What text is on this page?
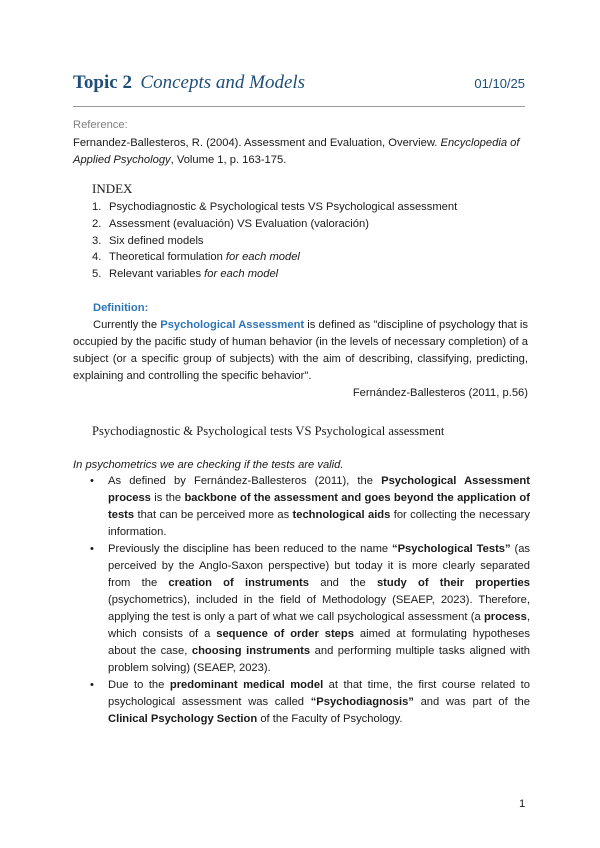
Topic 2 Concepts and Models	01/10/25
Reference:
Fernandez-Ballesteros, R. (2004). Assessment and Evaluation, Overview. Encyclopedia of Applied Psychology, Volume 1, p. 163-175.
INDEX
1. Psychodiagnostic & Psychological tests VS Psychological assessment
2. Assessment (evaluación) VS Evaluation (valoración)
3. Six defined models
4. Theoretical formulation for each model
5. Relevant variables for each model
Definition:
Currently the Psychological Assessment is defined as "discipline of psychology that is occupied by the pacific study of human behavior (in the levels of necessary completion) of a subject (or a specific group of subjects) with the aim of describing, classifying, predicting, explaining and controlling the specific behavior".
Fernández-Ballesteros (2011, p.56)
Psychodiagnostic & Psychological tests VS Psychological assessment
In psychometrics we are checking if the tests are valid.
• As defined by Fernández-Ballesteros (2011), the Psychological Assessment process is the backbone of the assessment and goes beyond the application of tests that can be perceived more as technological aids for collecting the necessary information.
• Previously the discipline has been reduced to the name “Psychological Tests” (as perceived by the Anglo-Saxon perspective) but today it is more clearly separated from the creation of instruments and the study of their properties (psychometrics), included in the field of Methodology (SEAEP, 2023). Therefore, applying the test is only a part of what we call psychological assessment (a process, which consists of a sequence of order steps aimed at formulating hypotheses about the case, choosing instruments and performing multiple tasks aligned with problem solving) (SEAEP, 2023).
• Due to the predominant medical model at that time, the first course related to psychological assessment was called “Psychodiagnosis” and was part of the Clinical Psychology Section of the Faculty of Psychology.
1
